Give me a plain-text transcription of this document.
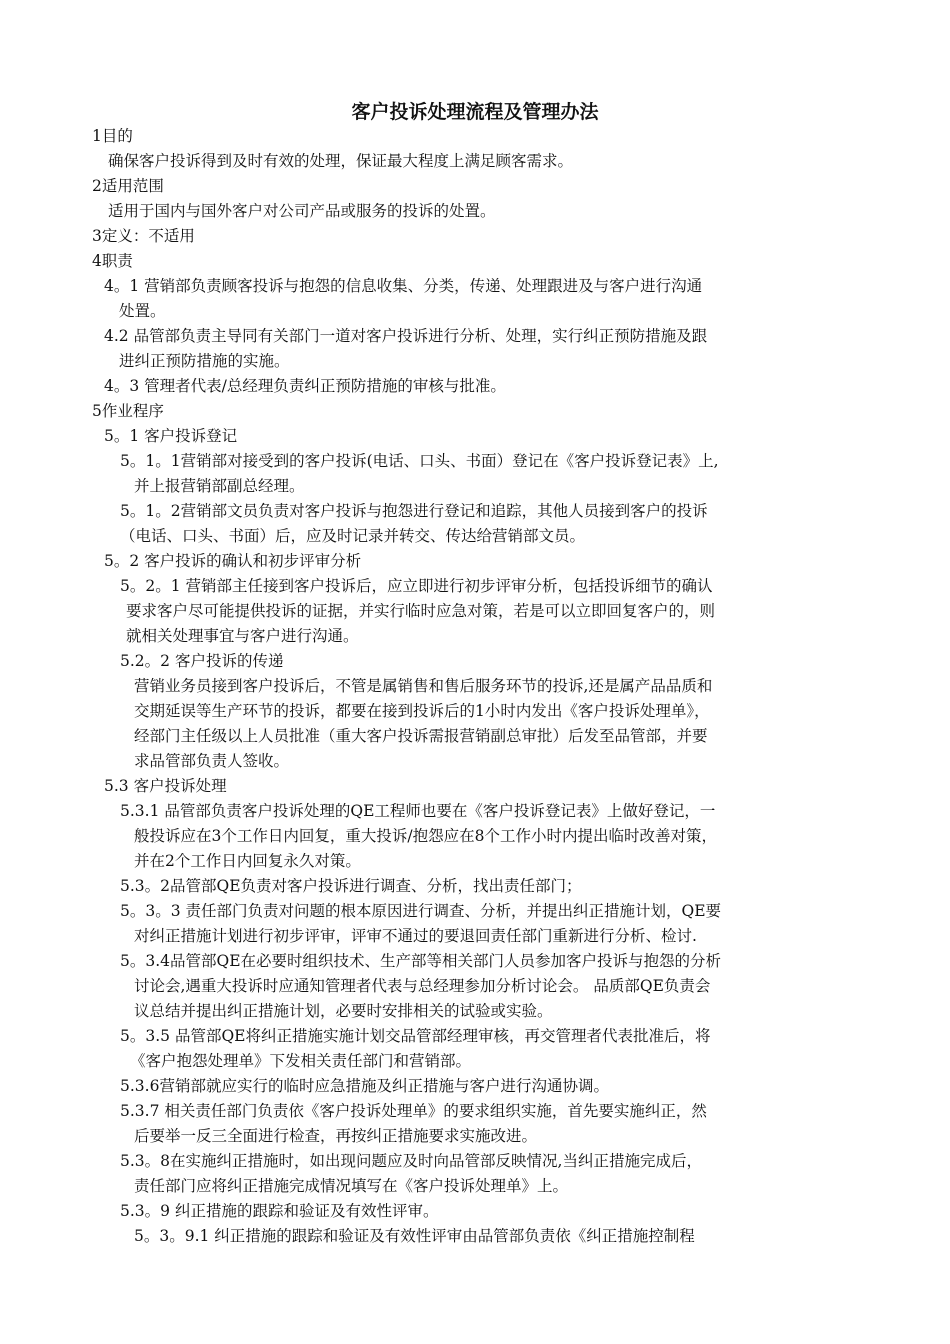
客户投诉处理流程及管理办法
1目的
确保客户投诉得到及时有效的处理，保证最大程度上满足顾客需求。
2适用范围
适用于国内与国外客户对公司产品或服务的投诉的处置。
3定义：不适用
4职责
4。1 营销部负责顾客投诉与抱怨的信息收集、分类，传递、处理跟进及与客户进行沟通
处置。
4.2 品管部负责主导同有关部门一道对客户投诉进行分析、处理，实行纠正预防措施及跟
进纠正预防措施的实施。
4。3 管理者代表/总经理负责纠正预防措施的审核与批准。
5作业程序
5。1 客户投诉登记
5。1。1营销部对接受到的客户投诉(电话、口头、书面）登记在《客户投诉登记表》上,
并上报营销部副总经理。
5。1。2营销部文员负责对客户投诉与抱怨进行登记和追踪，其他人员接到客户的投诉
（电话、口头、书面）后，应及时记录并转交、传达给营销部文员。
5。2 客户投诉的确认和初步评审分析
5。2。1 营销部主任接到客户投诉后，应立即进行初步评审分析，包括投诉细节的确认
要求客户尽可能提供投诉的证据，并实行临时应急对策，若是可以立即回复客户的，则
就相关处理事宜与客户进行沟通。
5.2。2 客户投诉的传递
营销业务员接到客户投诉后，不管是属销售和售后服务环节的投诉,还是属产品品质和
交期延误等生产环节的投诉，都要在接到投诉后的1小时内发出《客户投诉处理单》，
经部门主任级以上人员批准（重大客户投诉需报营销副总审批）后发至品管部，并要
求品管部负责人签收。
5.3 客户投诉处理
5.3.1 品管部负责客户投诉处理的QE工程师也要在《客户投诉登记表》上做好登记，一
般投诉应在3个工作日内回复，重大投诉/抱怨应在8个工作小时内提出临时改善对策，
并在2个工作日内回复永久对策。
5.3。2品管部QE负责对客户投诉进行调查、分析，找出责任部门；
5。3。3 责任部门负责对问题的根本原因进行调查、分析，并提出纠正措施计划，QE要
对纠正措施计划进行初步评审，评审不通过的要退回责任部门重新进行分析、检讨.
5。3.4品管部QE在必要时组织技术、生产部等相关部门人员参加客户投诉与抱怨的分析
讨论会,遇重大投诉时应通知管理者代表与总经理参加分析讨论会。 品质部QE负责会
议总结并提出纠正措施计划，必要时安排相关的试验或实验。
5。3.5 品管部QE将纠正措施实施计划交品管部经理审核，再交管理者代表批准后，将
《客户抱怨处理单》下发相关责任部门和营销部。
5.3.6营销部就应实行的临时应急措施及纠正措施与客户进行沟通协调。
5.3.7 相关责任部门负责依《客户投诉处理单》的要求组织实施，首先要实施纠正，然
后要举一反三全面进行检查，再按纠正措施要求实施改进。
5.3。8在实施纠正措施时，如出现问题应及时向品管部反映情况,当纠正措施完成后，
责任部门应将纠正措施完成情况填写在《客户投诉处理单》上。
5.3。9 纠正措施的跟踪和验证及有效性评审。
5。3。9.1 纠正措施的跟踪和验证及有效性评审由品管部负责依《纠正措施控制程
